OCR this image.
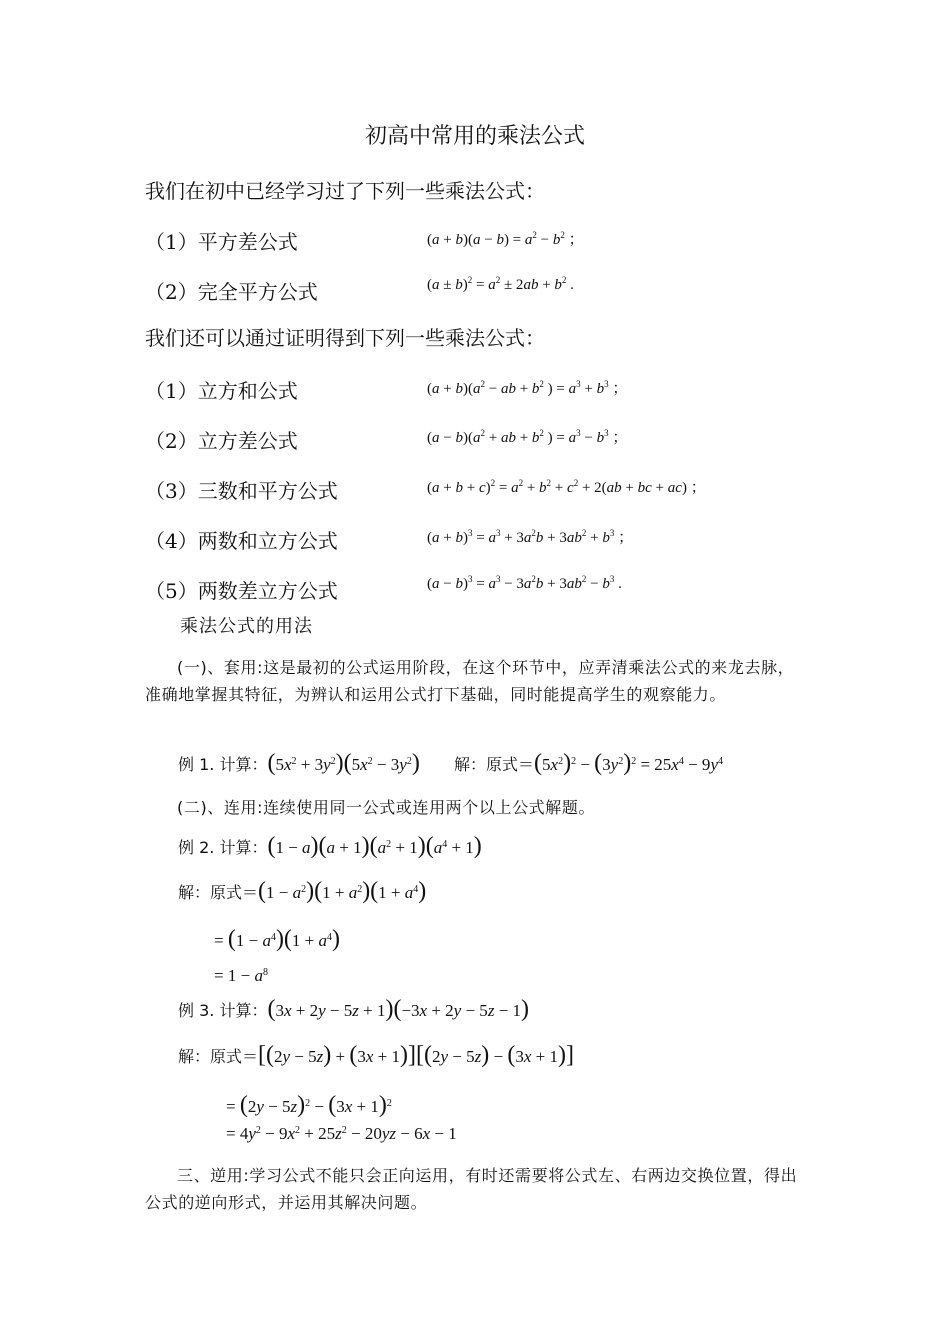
初高中常用的乘法公式
我们在初中已经学习过了下列一些乘法公式：
（1）平方差公式	$(a + b)(a - b) = a^2 - b^2$ ；
（2）完全平方公式	$(a \pm b)^2 = a^2 \pm 2ab + b^2$ .
我们还可以通过证明得到下列一些乘法公式：
（1）立方和公式	$(a + b)(a^2$ − ab + $b^2$ ) = $a^3 + b^3$ ；
（2）立方差公式	$(a - b)(a^2$ + ab + $b^2$ ) = $a^3 - b^3$ ；
（3）三数和平方公式	$(a + b + c)^2 = a^2 + b^2 + c^2 + 2(ab$ + bc + ac) ；
（4）两数和立方公式	$(a + b)^3 = a^3 + 3a^2b + 3ab^2 + b^3$ ；
（5）两数差立方公式	$(a - b)^3 = a^3 - 3a^2b + 3ab^2 - b^3$ .
乘法公式的用法
(一)、套用:这是最初的公式运用阶段，在这个环节中，应弄清乘法公式的来龙去脉，准确地掌握其特征，为辨认和运用公式打下基础，同时能提高学生的观察能力。
例 1. 计算：$(5x^2 + 3y^2)(5x^2 - 3y^2)$ 解：原式$=(5x^2)^2 - (3y^2)^2 = 25x^4 - 9y^4$
(二)、连用:连续使用同一公式或连用两个以上公式解题。
例 2. 计算：$(1 - a)(a + 1)(a^2 + 1)(a^4 + 1)$
解：原式$=(1 - a^2)(1 + a^2)(1 + a^4)$
= $(1 - a^4)(1 + a^4)$
= $1 - a^8$
例 3. 计算：(3x + 2y − 5z + 1)(−3x + 2y − 5z − 1)
解：原式＝[(2y − 5z) + (3x + 1)][(2y − 5z) − (3x + 1)]
= $(2y - 5z)^2 - (3x + 1)^2$
= $4y^2 - 9x^2 + 25z^2 - 20yz - 6x - 1$
三、逆用:学习公式不能只会正向运用，有时还需要将公式左、右两边交换位置，得出公式的逆向形式，并运用其解决问题。
